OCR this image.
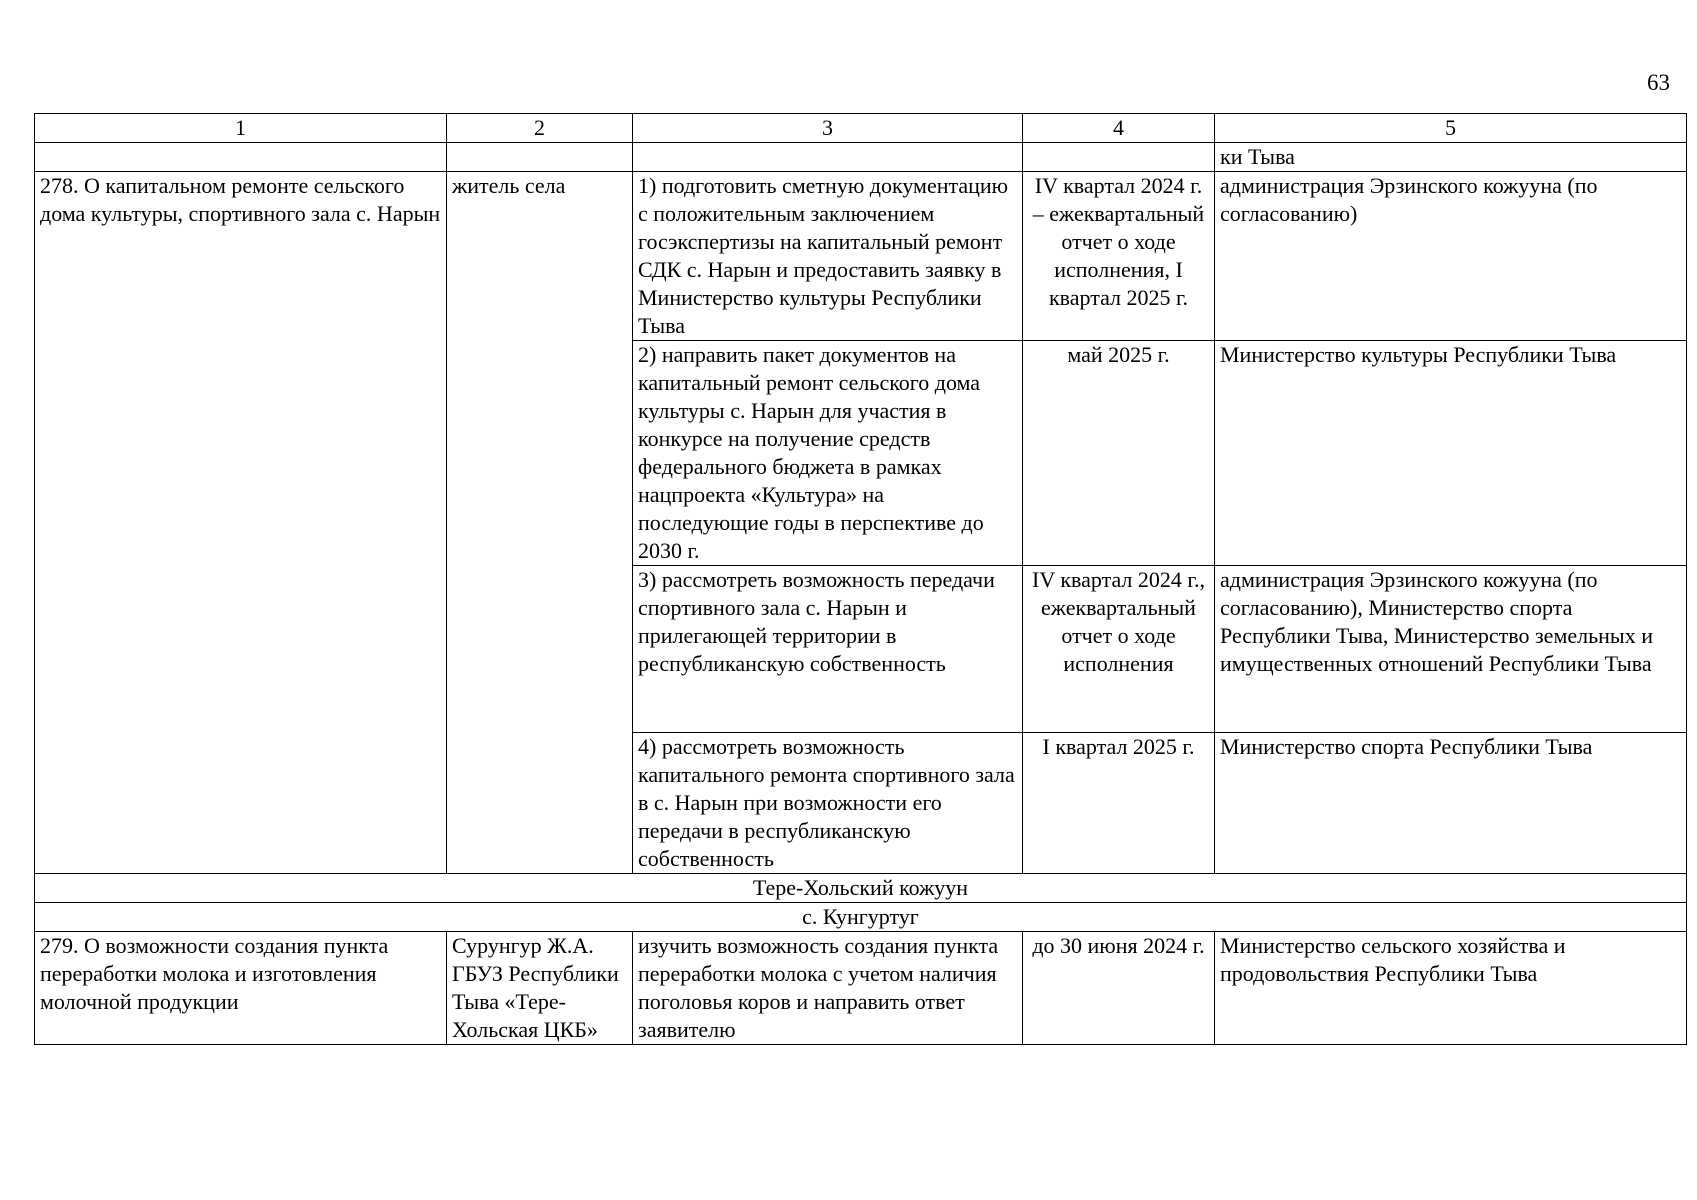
63
1	2	3	4	5
				ки Тыва
278. О капитальном ремонте сельского дома культуры, спортивного зала с. Нарын	житель села	1) подготовить сметную документацию с положительным заключением госэкспертизы на капитальный ремонт СДК с. Нарын и предоставить заявку в Министерство культуры Республики Тыва	IV квартал 2024 г. – ежеквартальный отчет о ходе исполнения, I квартал 2025 г.	администрация Эрзинского кожууна (по согласованию)
		2) направить пакет документов на капитальный ремонт сельского дома культуры с. Нарын для участия в конкурсе на получение средств федерального бюджета в рамках нацпроекта «Культура» на последующие годы в перспективе до 2030 г.	май 2025 г.	Министерство культуры Республики Тыва
		3) рассмотреть возможность передачи спортивного зала с. Нарын и прилегающей территории в республиканскую собственность	IV квартал 2024 г., ежеквартальный отчет о ходе исполнения	администрация Эрзинского кожууна (по согласованию), Министерство спорта Республики Тыва, Министерство земельных и имущественных отношений Республики Тыва
		4) рассмотреть возможность капитального ремонта спортивного зала в с. Нарын при возможности его передачи в республиканскую собственность	I квартал 2025 г.	Министерство спорта Республики Тыва
Тере-Хольский кожуун				
с. Кунгуртуг				
279. О возможности создания пункта переработки молока и изготовления молочной продукции	Сурунгур Ж.А. ГБУЗ Республики Тыва «Тере-Хольская ЦКБ»	изучить возможность создания пункта переработки молока с учетом наличия поголовья коров и направить ответ заявителю	до 30 июня 2024 г.	Министерство сельского хозяйства и продовольствия Республики Тыва
